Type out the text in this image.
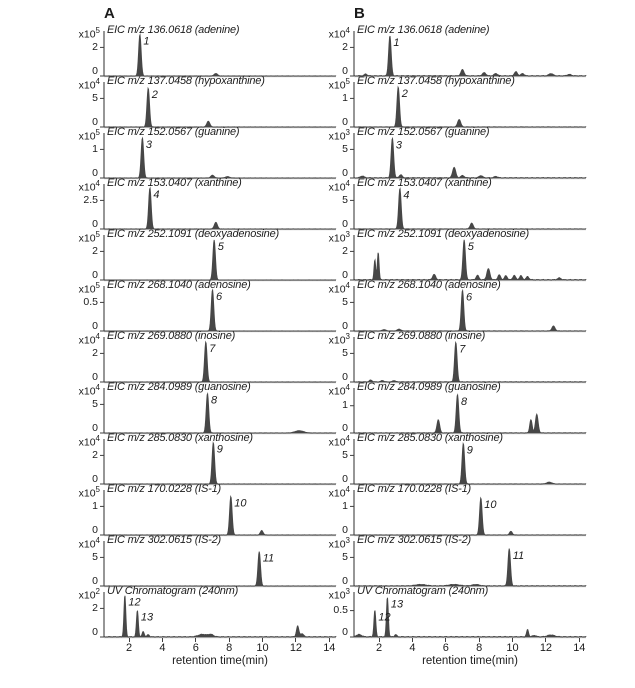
A
$x10^5$
2
0
EIC m/z 136.0618 (adenine)
1
$x10^4$
5
0
EIC m/z 137.0458 (hypoxanthine)
2
$x10^5$
1
0
EIC m/z 152.0567 (guanine)
3
$x10^4$
2.5
0
EIC m/z 153.0407 (xanthine)
4
$x10^5$
2
0
EIC m/z 252.1091 (deoxyadenosine)
5
$x10^5$
0.5
0
EIC m/z 268.1040 (adenosine)
6
$x10^4$
2
0
EIC m/z 269.0880 (inosine)
7
$x10^4$
5
0
EIC m/z 284.0989 (guanosine)
8
$x10^4$
2
0
EIC m/z 285.0830 (xanthosine)
9
$x10^5$
1
0
EIC m/z 170.0228 (IS-1)
10
$x10^4$
5
0
EIC m/z 302.0615 (IS-2)
11
$x10^2$
2
0
UV Chromatogram (240nm)
12
13
2 4 6 8 10 12 14
retention time(min)
B
$x10^4$
2
0
EIC m/z 136.0618 (adenine)
1
$x10^5$
1
0
EIC m/z 137.0458 (hypoxanthine)
2
$x10^3$
5
0
EIC m/z 152.0567 (guanine)
3
$x10^4$
5
0
EIC m/z 153.0407 (xanthine)
4
$x10^3$
2
0
EIC m/z 252.1091 (deoxyadenosine)
5
$x10^4$
5
0
EIC m/z 268.1040 (adenosine)
6
$x10^3$
5
0
EIC m/z 269.0880 (inosine)
7
$x10^4$
1
0
EIC m/z 284.0989 (guanosine)
8
$x10^4$
5
0
EIC m/z 285.0830 (xanthosine)
9
$x10^4$
1
0
EIC m/z 170.0228 (IS-1)
10
$x10^3$
5
0
EIC m/z 302.0615 (IS-2)
11
$x10^3$
0.5
0
UV Chromatogram (240nm)
12
13
2 4 6 8 10 12 14
retention time(min)
